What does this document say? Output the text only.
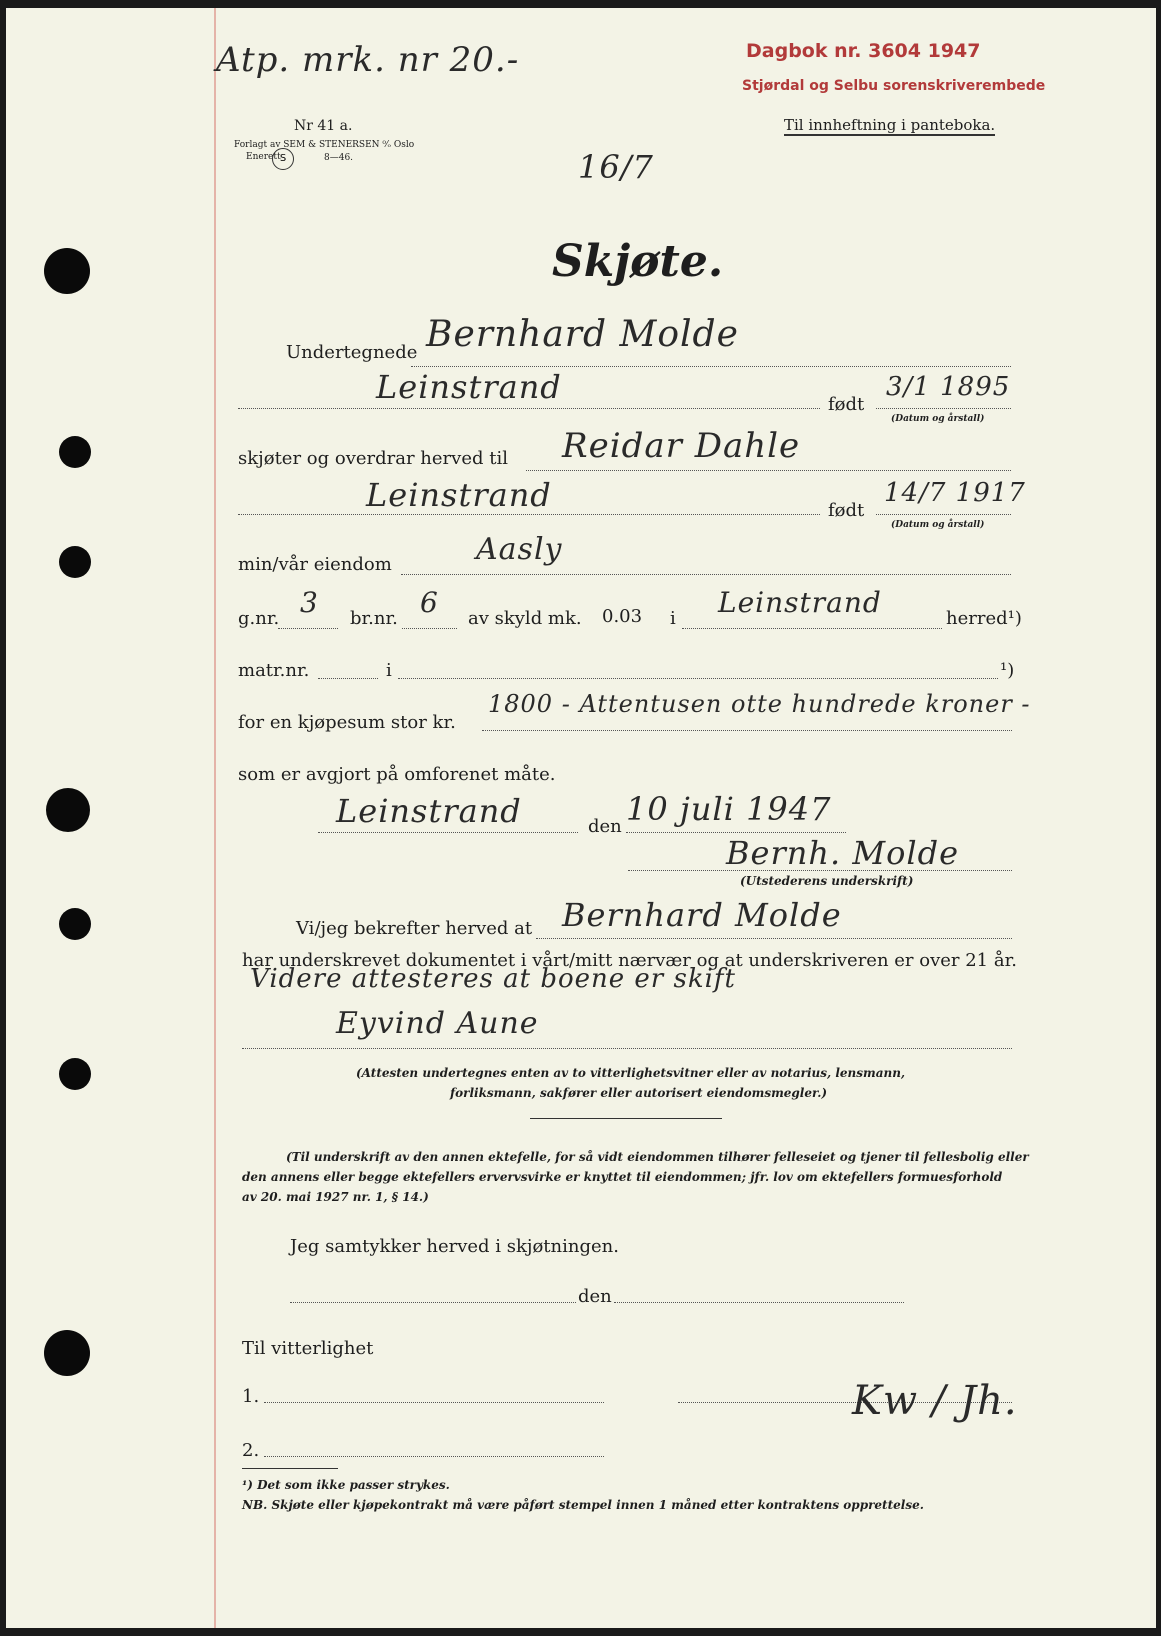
Atp. mrk. nr 20.-	Dagbok nr. 3604 1947
Stjørdal og Selbu sorenskriverembede
Til innheftning i panteboka.
Nr 41 a.
Forlagt av SEM & STENERSEN ⁰⁄ₒ Oslo
Enerett S	8—46.	16/7
Skjøte.
Undertegnede Bernhard Molde
Leinstrand	født
3/1 1895
(Datum og årstall)
skjøter og overdrar herved til Reidar Dahle
Leinstrand	født
14/7 1917
(Datum og årstall)
min/vår eiendom	Aasly
g.nr. 3 br.nr. 6 av skyld mk. 0.03 i Leinstrand	herred¹)
matr.nr.	i	¹)
for en kjøpesum stor kr.
1800 - Attentusen otte hundrede kroner -
som er avgjort på omforenet måte.
Leinstrand	den 10 juli 1947
Bernh. Molde
(Utstederens underskrift)
Vi/jeg bekrefter herved at Bernhard Molde
har underskrevet dokumentet i vårt/mitt nærvær og at underskriveren er over 21 år.
Videre attesteres at boene er skift
Eyvind Aune
(Attesten undertegnes enten av to vitterlighetsvitner eller av notarius, lensmann,
forliksmann, sakfører eller autorisert eiendomsmegler.)
(Til underskrift av den annen ektefelle, for så vidt eiendommen tilhører felleseiet og tjener til fellesbolig eller
den annens eller begge ektefellers ervervsvirke er knyttet til eiendommen; jfr. lov om ektefellers formuesforhold
av 20. mai 1927 nr. 1, § 14.)
Jeg samtykker herved i skjøtningen.
den
Til vitterlighet
1.
2.
Kw / Jh.
¹) Det som ikke passer strykes.
NB. Skjøte eller kjøpekontrakt må være påført stempel innen 1 måned etter kontraktens opprettelse.
